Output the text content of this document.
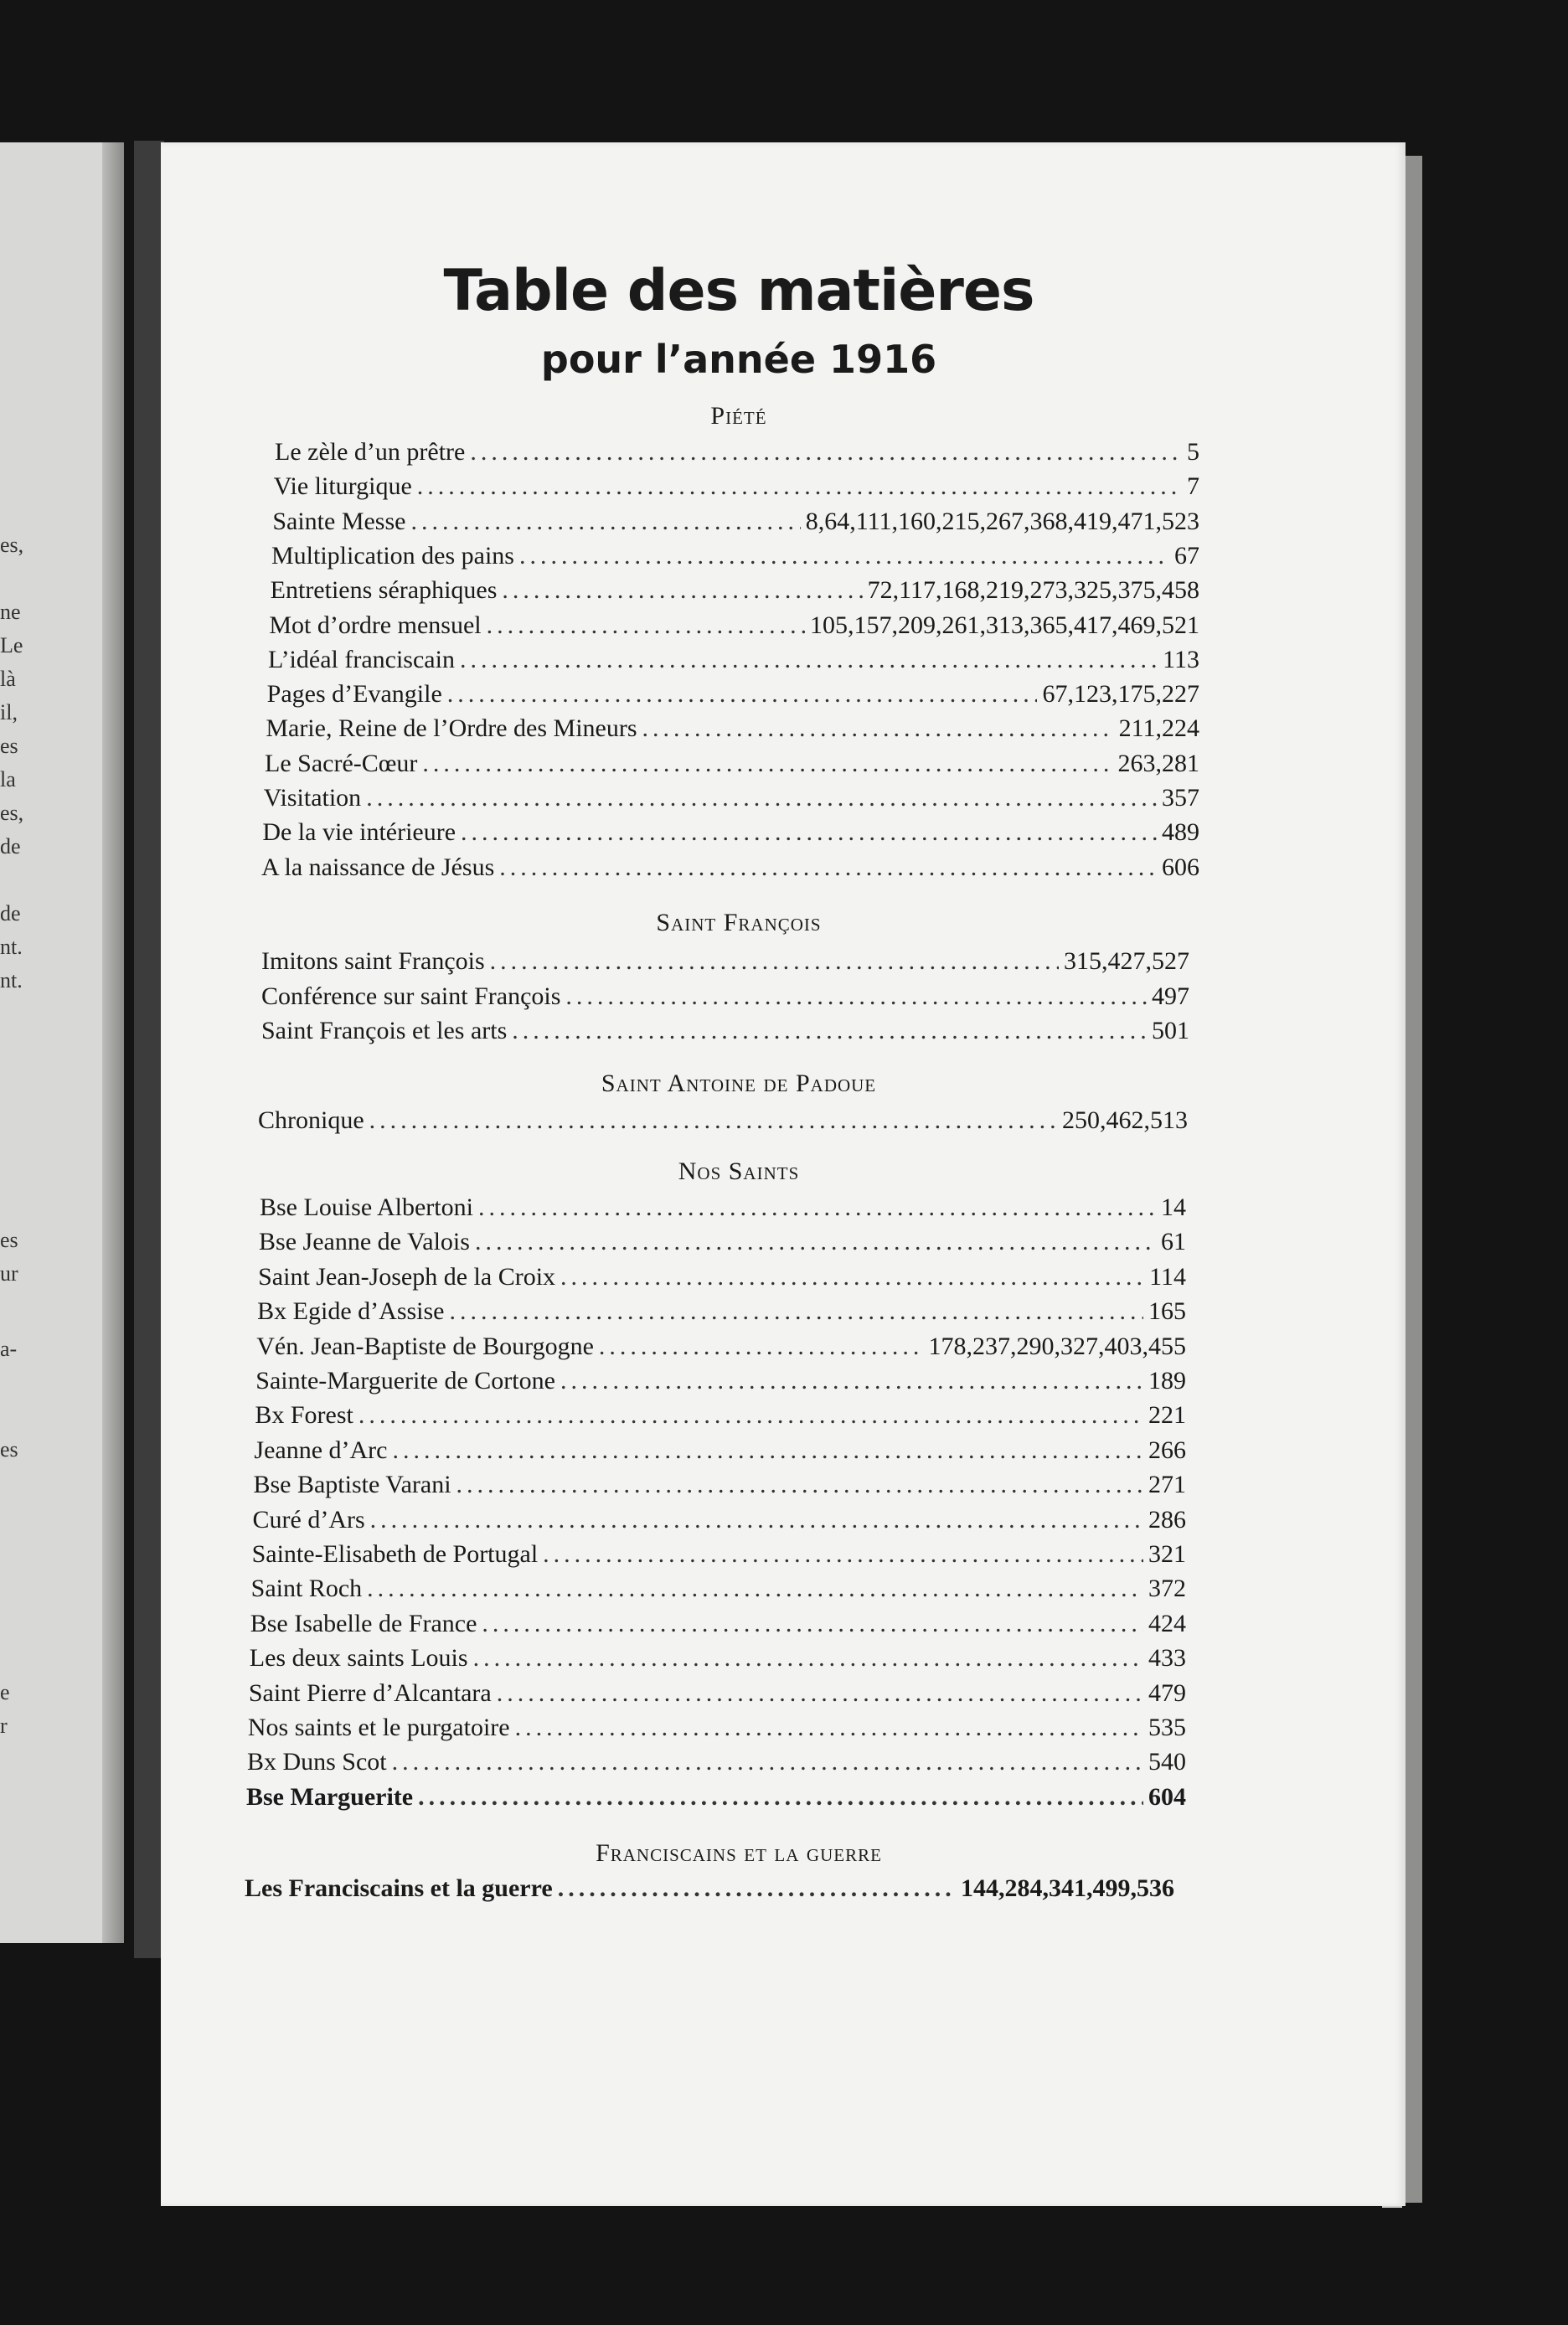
es,
ne
Le
là
il,
es
la
es,
de
de
nt.
nt.
es
ur
a-
es
e
r
Table des matières
pour l’année 1916
Piété
Le zèle d’un prêtre .....	5
Vie liturgique .....	7
Sainte Messe .....	8,64,111,160,215,267,368,419,471,523
Multiplication des pains .....	67
Entretiens séraphiques .....	72,117,168,219,273,325,375,458
Mot d’ordre mensuel .....	105,157,209,261,313,365,417,469,521
L’idéal franciscain .....	113
Pages d’Evangile .....	67,123,175,227
Marie, Reine de l’Ordre des Mineurs .....	211,224
Le Sacré-Cœur .....	263,281
Visitation .....	357
De la vie intérieure .....	489
A la naissance de Jésus .....	606
Saint François
Imitons saint François .....	315,427,527
Conférence sur saint François .....	497
Saint François et les arts .....	501
Saint Antoine de Padoue
Chronique .....	250,462,513
Nos Saints
Bse Louise Albertoni .....	14
Bse Jeanne de Valois .....	61
Saint Jean-Joseph de la Croix .....	114
Bx Egide d’Assise .....	165
Vén. Jean-Baptiste de Bourgogne .....	178,237,290,327,403,455
Sainte-Marguerite de Cortone .....	189
Bx Forest .....	221
Jeanne d’Arc .....	266
Bse Baptiste Varani .....	271
Curé d’Ars .....	286
Sainte-Elisabeth de Portugal .....	321
Saint Roch .....	372
Bse Isabelle de France .....	424
Les deux saints Louis .....	433
Saint Pierre d’Alcantara .....	479
Nos saints et le purgatoire .....	535
Bx Duns Scot .....	540
Bse Marguerite .....	604
Franciscains et la guerre
Les Franciscains et la guerre .....	144,284,341,499,536
